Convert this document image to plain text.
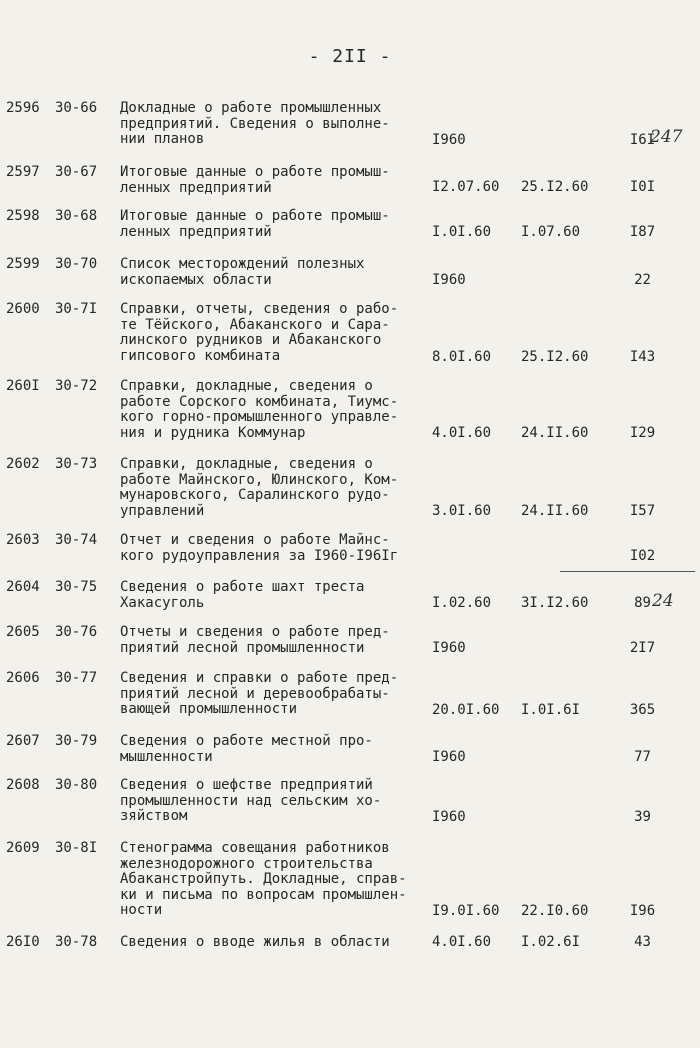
- 2II -
2596 30-66 Докладные о работе промышленных
предприятий. Сведения о выполне-
нии планов	I960	I6I
2597 30-67 Итоговые данные о работе промыш-
ленных предприятий	I2.07.60 25.I2.60	I0I
2598 30-68 Итоговые данные о работе промыш-
ленных предприятий	I.0I.60 I.07.60	I87
2599 30-70 Список месторождений полезных
ископаемых области	I960	22
2600 30-7I Справки, отчеты, сведения о рабо-
те Тёйского, Абаканского и Сара-
линского рудников и Абаканского
гипсового комбината	8.0I.60 25.I2.60	I43
260I 30-72 Справки, докладные, сведения о
работе Сорского комбината, Тиумс-
кого горно-промышленного управле-
ния и рудника Коммунар	4.0I.60 24.II.60	I29
2602 30-73 Справки, докладные, сведения о
работе Майнского, Юлинского, Ком-
мунаровского, Саралинского рудо-
управлений	3.0I.60 24.II.60	I57
2603 30-74 Отчет и сведения о работе Майнс-
кого рудоуправления за I960-I96Iг	I02
2604 30-75 Сведения о работе шахт треста
Хакасуголь	I.02.60 3I.I2.60	89
2605 30-76 Отчеты и сведения о работе пред-
приятий лесной промышленности	I960	2I7
2606 30-77 Сведения и справки о работе пред-
приятий лесной и деревообрабаты-
вающей промышленности	20.0I.60 I.0I.6I	365
2607 30-79 Сведения о работе местной про-
мышленности	I960	77
2608 30-80 Сведения о шефстве предприятий
промышленности над сельским хо-
зяйством	I960	39
2609 30-8I Стенограмма совещания работников
железнодорожного строительства
Абаканстройпуть. Докладные, справ-
ки и письма по вопросам промышлен-
ности	I9.0I.60 22.I0.60	I96
26I0 30-78 Сведения о вводе жилья в области	4.0I.60 I.02.6I	43
247
24
